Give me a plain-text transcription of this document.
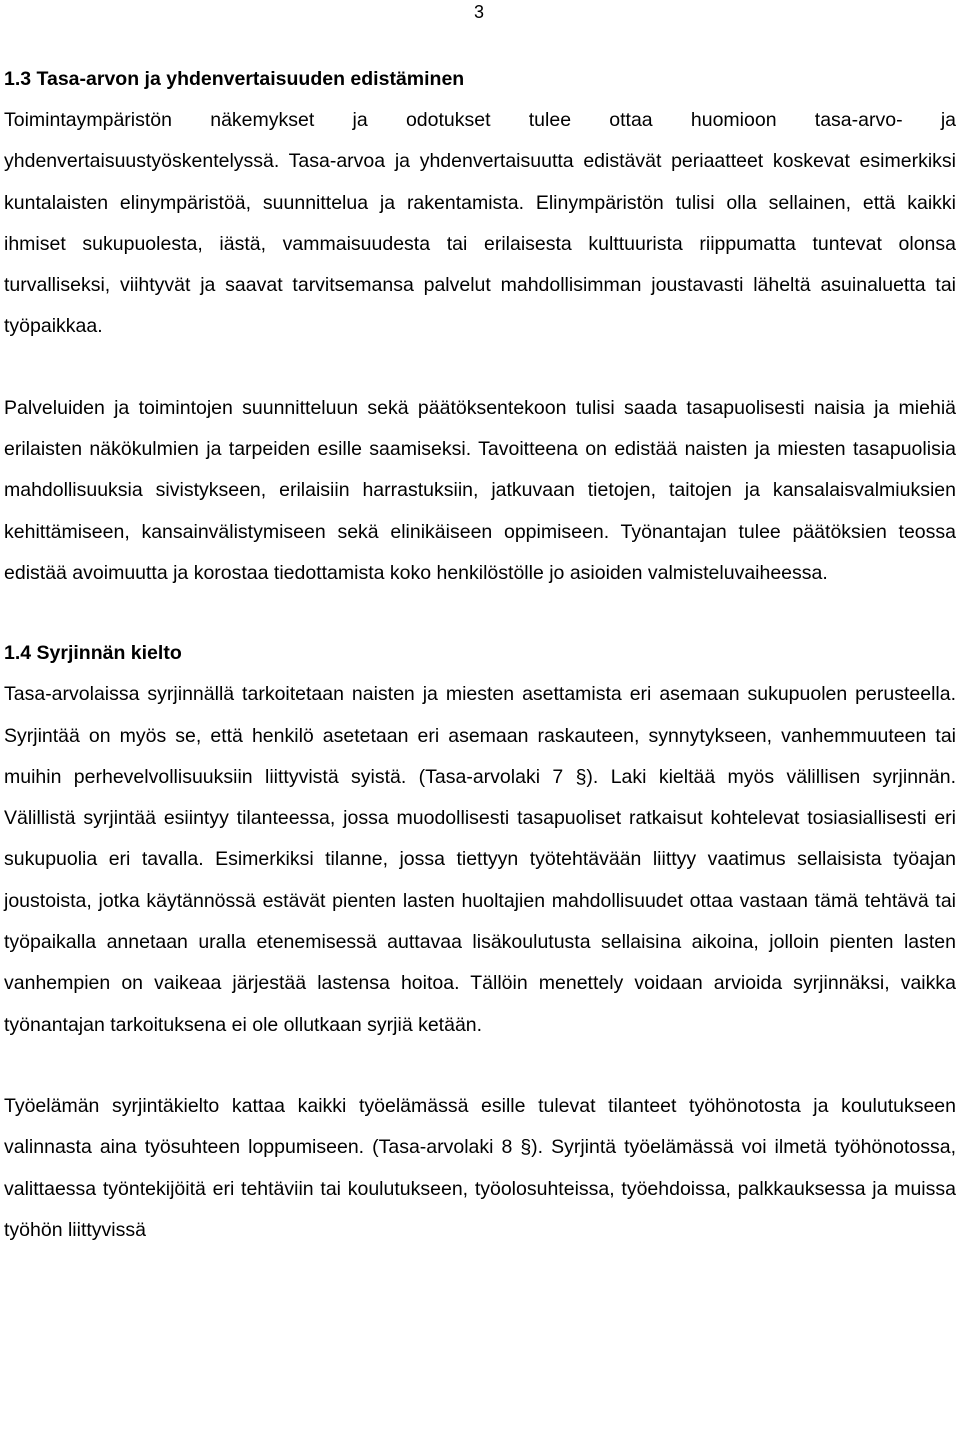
3
1.3 Tasa-arvon ja yhdenvertaisuuden edistäminen

Toimintaympäristön näkemykset ja odotukset tulee ottaa huomioon tasa-arvo- ja yhdenvertaisuustyöskentelyssä. Tasa-arvoa ja yhdenvertaisuutta edistävät periaatteet koskevat esimerkiksi kuntalaisten elinympäristöä, suunnittelua ja rakentamista. Elinympäristön tulisi olla sellainen, että kaikki ihmiset sukupuolesta, iästä, vammaisuudesta tai erilaisesta kulttuurista riippumatta tuntevat olonsa turvalliseksi, viihtyvät ja saavat tarvitsemansa palvelut mahdollisimman joustavasti läheltä asuinaluetta tai työpaikkaa.

Palveluiden ja toimintojen suunnitteluun sekä päätöksentekoon tulisi saada tasapuolisesti naisia ja miehiä erilaisten näkökulmien ja tarpeiden esille saamiseksi. Tavoitteena on edistää naisten ja miesten tasapuolisia mahdollisuuksia sivistykseen, erilaisiin harrastuksiin, jatkuvaan tietojen, taitojen ja kansalaisvalmiuksien kehittämiseen, kansainvälistymiseen sekä elinikäiseen oppimiseen. Työnantajan tulee päätöksien teossa edistää avoimuutta ja korostaa tiedottamista koko henkilöstölle jo asioiden valmisteluvaiheessa.

1.4 Syrjinnän kielto

Tasa-arvolaissa syrjinnällä tarkoitetaan naisten ja miesten asettamista eri asemaan sukupuolen perusteella. Syrjintää on myös se, että henkilö asetetaan eri asemaan raskauteen, synnytykseen, vanhemmuuteen tai muihin perhevelvollisuuksiin liittyvistä syistä. (Tasa-arvolaki 7 §). Laki kieltää myös välillisen syrjinnän. Välillistä syrjintää esiintyy tilanteessa, jossa muodollisesti tasapuoliset ratkaisut kohtelevat tosiasiallisesti eri sukupuolia eri tavalla. Esimerkiksi tilanne, jossa tiettyyn työtehtävään liittyy vaatimus sellaisista työajan joustoista, jotka käytännössä estävät pienten lasten huoltajien mahdollisuudet ottaa vastaan tämä tehtävä tai työpaikalla annetaan uralla etenemisessä auttavaa lisäkoulutusta sellaisina aikoina, jolloin pienten lasten vanhempien on vaikeaa järjestää lastensa hoitoa. Tällöin menettely voidaan arvioida syrjinnäksi, vaikka työnantajan tarkoituksena ei ole ollutkaan syrjiä ketään.

Työelämän syrjintäkielto kattaa kaikki työelämässä esille tulevat tilanteet työhönotosta ja koulutukseen valinnasta aina työsuhteen loppumiseen. (Tasa-arvolaki 8 §). Syrjintä työelämässä voi ilmetä työhönotossa, valittaessa työntekijöitä eri tehtäviin tai koulutukseen, työolosuhteissa, työehdoissa, palkkauksessa ja muissa työhön liittyvissä
